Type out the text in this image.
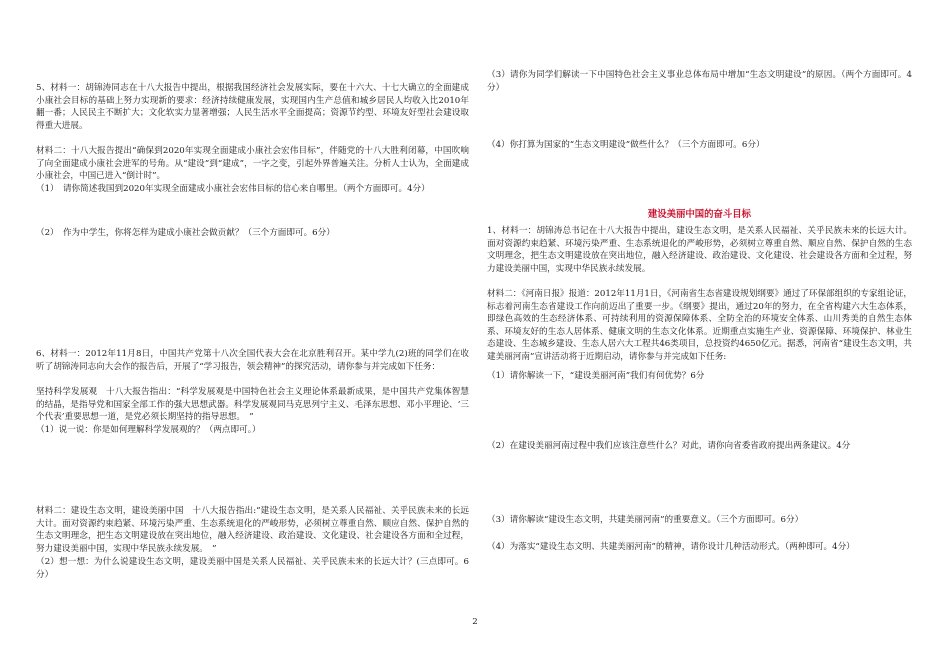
5、材料一：胡锦涛同志在十八大报告中提出，根据我国经济社会发展实际，要在十六大、十七大确立的全面建成小康社会目标的基础上努力实现新的要求：经济持续健康发展，实现国内生产总值和城乡居民人均收入比2010年翻一番；人民民主不断扩大；文化软实力显著增强；人民生活水平全面提高；资源节约型、环境友好型社会建设取得重大进展。

材料二：十八大报告提出“确保到2020年实现全面建成小康社会宏伟目标”，伴随党的十八大胜利闭幕，中国吹响了向全面建成小康社会进军的号角。从“建设”到“建成”，一字之变，引起外界普遍关注。分析人士认为，全面建成小康社会，中国已进入“倒计时”。

（1）　请你简述我国到2020年实现全面建成小康社会宏伟目标的信心来自哪里。（两个方面即可。4分）

（2）　作为中学生，你将怎样为建成小康社会做贡献？（三个方面即可。6分）

6、材料一：2012年11月8日，中国共产党第十八次全国代表大会在北京胜利召开。某中学九(2)班的同学们在收听了胡锦涛同志向大会作的报告后，开展了“学习报告，领会精神”的探究活动，请你参与并完成如下任务：

坚持科学发展观　十八大报告指出：“科学发展观是中国特色社会主义理论体系最新成果，是中国共产党集体智慧的结晶，是指导党和国家全部工作的强大思想武器。科学发展观同马克思列宁主义、毛泽东思想、邓小平理论、‘三个代表’重要思想一道，是党必须长期坚持的指导思想。　”

（1）说一说：你是如何理解科学发展观的？（两点即可。）

材料二：建设生态文明，建设美丽中国　十八大报告指出:“建设生态文明，是关系人民福祉、关乎民族未来的长远大计。面对资源约束趋紧、环境污染严重、生态系统退化的严峻形势，必须树立尊重自然、顺应自然、保护自然的生态文明理念，把生态文明建设放在突出地位，融入经济建设、政治建设、文化建设、社会建设各方面和全过程，努力建设美丽中国，实现中华民族永续发展。　”

（2）想一想：为什么说建设生态文明，建设美丽中国是关系人民福祉、关乎民族未来的长远大计？(三点即可。6分）

（3）请你为同学们解读一下中国特色社会主义事业总体布局中增加“生态文明建设”的原因。（两个方面即可。4分）

（4）你打算为国家的“生态文明建设”做些什么？（三个方面即可。6分）

建设美丽中国的奋斗目标

1、材料一：胡锦涛总书记在十八大报告中提出，建设生态文明，是关系人民福祉、关乎民族未来的长远大计。面对资源约束趋紧、环境污染严重、生态系统退化的严峻形势，必须树立尊重自然、顺应自然、保护自然的生态文明理念，把生态文明建设放在突出地位，融入经济建设、政治建设、文化建设、社会建设各方面和全过程，努力建设美丽中国，实现中华民族永续发展。

材料二：《河南日报》报道：2012年11月1日，《河南省生态省建设规划纲要》通过了环保部组织的专家组论证，标志着河南生态省建设工作向前迈出了重要一步。《纲要》提出，通过20年的努力，在全省构建六大生态体系，即绿色高效的生态经济体系、可持续利用的资源保障体系、全防全治的环境安全体系、山川秀美的自然生态体系、环境友好的生态人居体系、健康文明的生态文化体系。近期重点实施生产业、资源保障、环境保护、林业生态建设、生态城乡建设、生态人居六大工程共46类项目，总投资约4650亿元。据悉，河南省“建设生态文明，共建美丽河南”宣讲活动将于近期启动，请你参与并完成如下任务:

（1）请你解读一下，“建设美丽河南”我们有何优势？6分

（2）在建设美丽河南过程中我们应该注意些什么？对此，请你向省委省政府提出两条建议。4分

（3）请你解读“建设生态文明，共建美丽河南”的重要意义。（三个方面即可。6分）

（4）为落实“建设生态文明、共建美丽河南”的精神，请你设计几种活动形式。（两种即可。4分）

2
